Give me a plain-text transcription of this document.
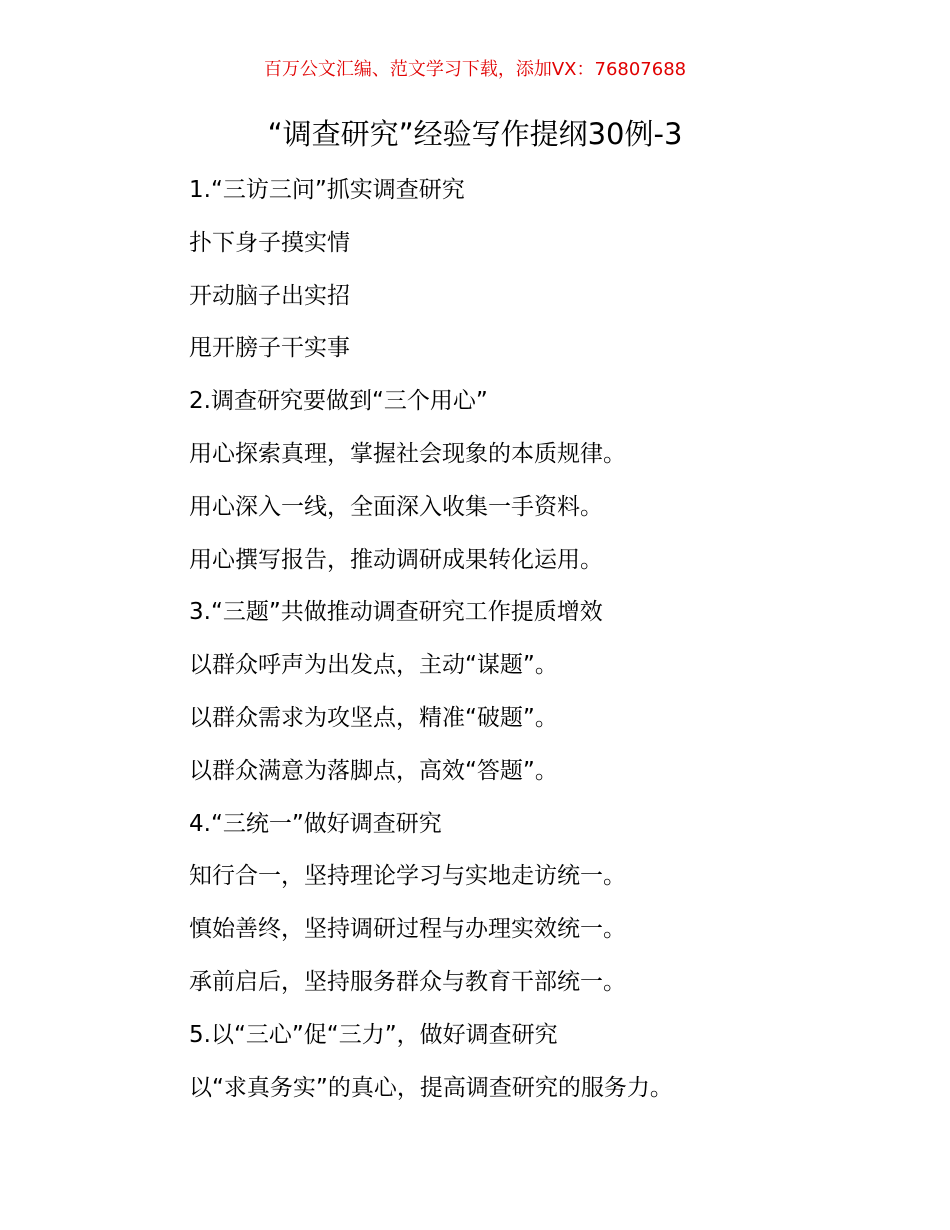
百万公文汇编、范文学习下载，添加VX：76807688
“调查研究”经验写作提纲30例-3
1.“三访三问”抓实调查研究
扑下身子摸实情
开动脑子出实招
甩开膀子干实事
2.调查研究要做到“三个用心”
用心探索真理，掌握社会现象的本质规律。
用心深入一线，全面深入收集一手资料。
用心撰写报告，推动调研成果转化运用。
3.“三题”共做推动调查研究工作提质增效
以群众呼声为出发点，主动“谋题”。
以群众需求为攻坚点，精准“破题”。
以群众满意为落脚点，高效“答题”。
4.“三统一”做好调查研究
知行合一，坚持理论学习与实地走访统一。
慎始善终，坚持调研过程与办理实效统一。
承前启后，坚持服务群众与教育干部统一。
5.以“三心”促“三力”，做好调查研究
以“求真务实”的真心，提高调查研究的服务力。
